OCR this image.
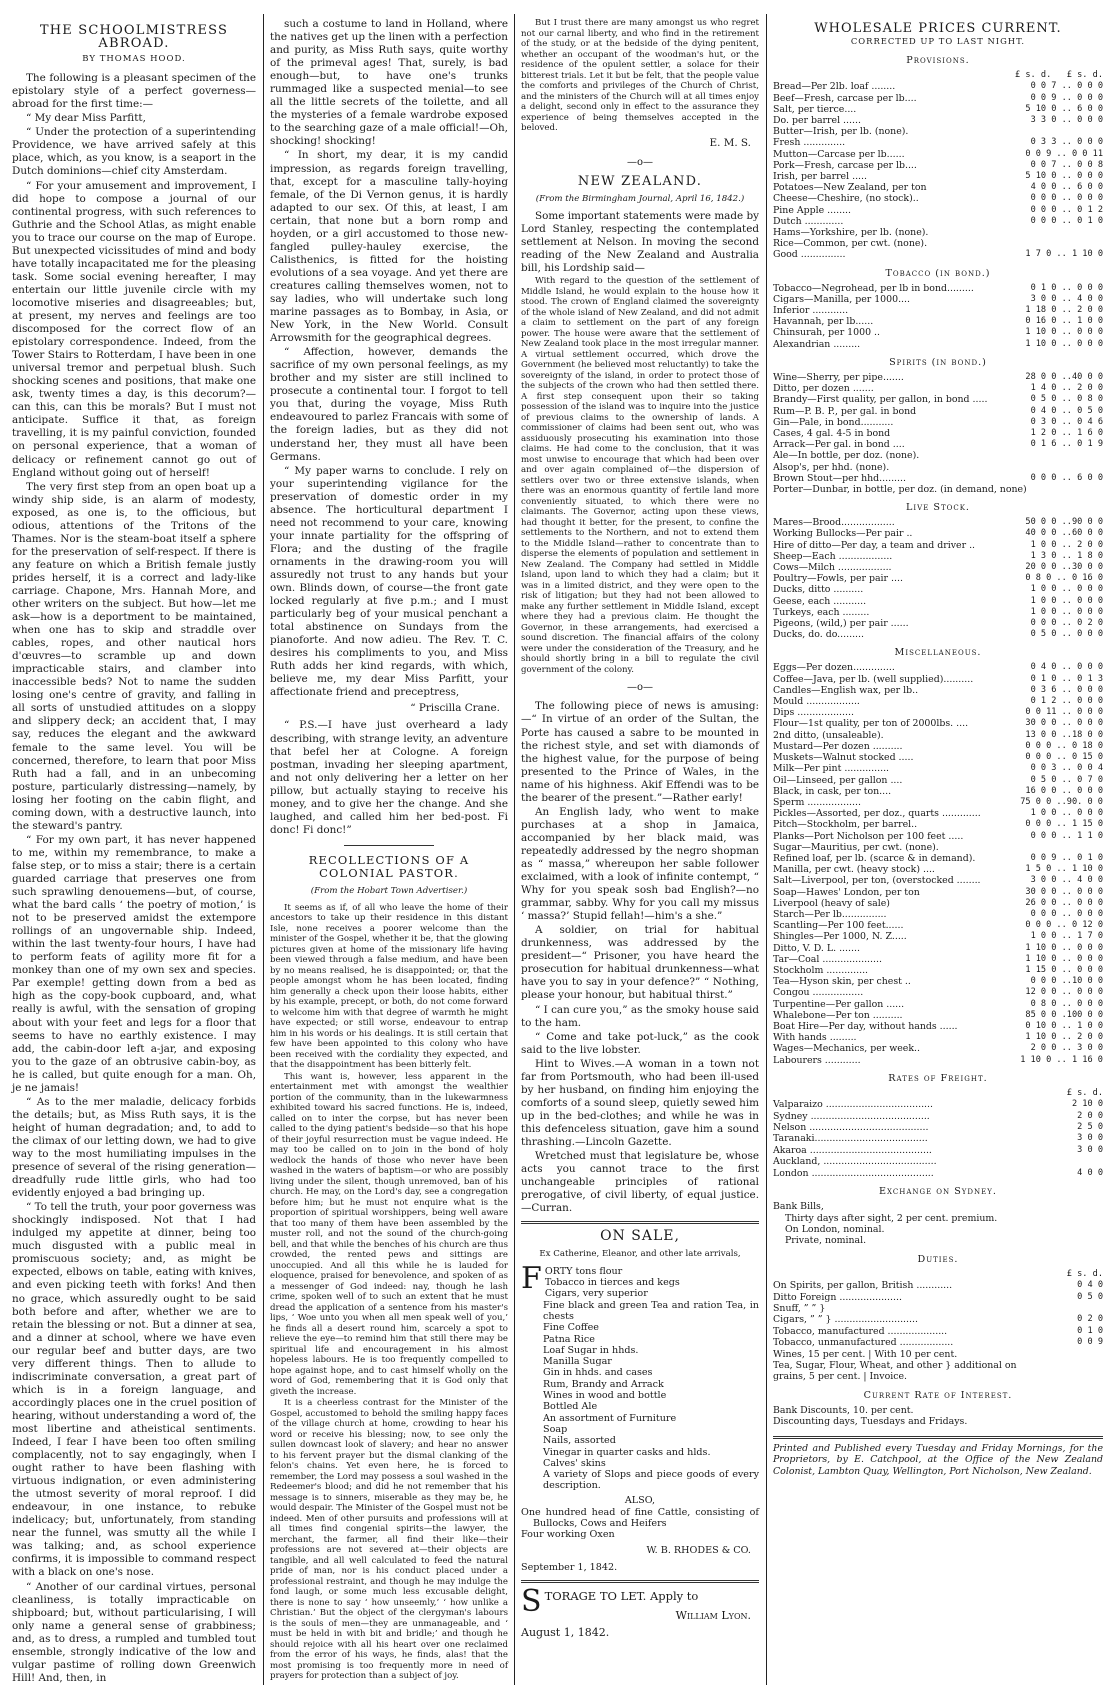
THE SCHOOLMISTRESS ABROAD.
BY THOMAS HOOD.

The following is a pleasant specimen of the epistolary style of a perfect governess—abroad for the first time:—

“ My dear Miss Parfitt,

“ Under the protection of a superintending Providence, we have arrived safely at this place, which, as you know, is a seaport in the Dutch dominions—chief city Amsterdam.

“ For your amusement and improvement, I did hope to compose a journal of our continental progress, with such references to Guthrie and the School Atlas, as might enable you to trace our course on the map of Europe. But unexpected vicissitudes of mind and body have totally incapacitated me for the pleasing task. Some social evening hereafter, I may entertain our little juvenile circle with my locomotive miseries and disagreeables; but, at present, my nerves and feelings are too discomposed for the correct flow of an epistolary correspondence. Indeed, from the Tower Stairs to Rotterdam, I have been in one universal tremor and perpetual blush. Such shocking scenes and positions, that make one ask, twenty times a day, is this decorum?—can this, can this be morals? But I must not anticipate. Suffice it that, as foreign travelling, it is my painful conviction, founded on personal experience, that a woman of delicacy or refinement cannot go out of England without going out of herself!

The very first step from an open boat up a windy ship side, is an alarm of modesty, exposed, as one is, to the officious, but odious, attentions of the Tritons of the Thames. Nor is the steam-boat itself a sphere for the preservation of self-respect. If there is any feature on which a British female justly prides herself, it is a correct and lady-like carriage. Chapone, Mrs. Hannah More, and other writers on the subject. But how—let me ask—how is a deportment to be maintained, when one has to skip and straddle over cables, ropes, and other nautical hors d'œuvres—to scramble up and down impracticable stairs, and clamber into inaccessible beds? Not to name the sudden losing one's centre of gravity, and falling in all sorts of unstudied attitudes on a sloppy and slippery deck; an accident that, I may say, reduces the elegant and the awkward female to the same level. You will be concerned, therefore, to learn that poor Miss Ruth had a fall, and in an unbecoming posture, particularly distressing—namely, by losing her footing on the cabin flight, and coming down, with a destructive launch, into the steward's pantry.

“ For my own part, it has never happened to me, within my remembrance, to make a false step, or to miss a stair; there is a certain guarded carriage that preserves one from such sprawling denouemens—but, of course, what the bard calls ‘ the poetry of motion,’ is not to be preserved amidst the extempore rollings of an ungovernable ship. Indeed, within the last twenty-four hours, I have had to perform feats of agility more fit for a monkey than one of my own sex and species. Par exemple! getting down from a bed as high as the copy-book cupboard, and, what really is awful, with the sensation of groping about with your feet and legs for a floor that seems to have no earthly existence. I may add, the cabin-door left a-jar, and exposing you to the gaze of an obtrusive cabin-boy, as he is called, but quite enough for a man. Oh, je ne jamais!

“ As to the mer maladie, delicacy forbids the details; but, as Miss Ruth says, it is the height of human degradation; and, to add to the climax of our letting down, we had to give way to the most humiliating impulses in the presence of several of the rising generation—dreadfully rude little girls, who had too evidently enjoyed a bad bringing up.

“ To tell the truth, your poor governess was shockingly indisposed. Not that I had indulged my appetite at dinner, being too much disgusted with a public meal in promiscuous society; and, as might be expected, elbows on table, eating with knives, and even picking teeth with forks! And then no grace, which assuredly ought to be said both before and after, whether we are to retain the blessing or not. But a dinner at sea, and a dinner at school, where we have even our regular beef and butter days, are two very different things. Then to allude to indiscriminate conversation, a great part of which is in a foreign language, and accordingly places one in the cruel position of hearing, without understanding a word of, the most libertine and atheistical sentiments. Indeed, I fear I have been too often smiling complacently, not to say engagingly, when I ought rather to have been flashing with virtuous indignation, or even administering the utmost severity of moral reproof. I did endeavour, in one instance, to rebuke indelicacy; but, unfortunately, from standing near the funnel, was smutty all the while I was talking; and, as school experience confirms, it is impossible to command respect with a black on one's nose.

“ Another of our cardinal virtues, personal cleanliness, is totally impracticable on shipboard; but, without particularising, I will only name a general sense of grabbiness; and, as to dress, a rumpled and tumbled tout ensemble, strongly indicative of the low and vulgar pastime of rolling down Greenwich Hill! And, then, in

such a costume to land in Holland, where the natives get up the linen with a perfection and purity, as Miss Ruth says, quite worthy of the primeval ages! That, surely, is bad enough—but, to have one's trunks rummaged like a suspected menial—to see all the little secrets of the toilette, and all the mysteries of a female wardrobe exposed to the searching gaze of a male official!—Oh, shocking! shocking!

“ In short, my dear, it is my candid impression, as regards foreign travelling, that, except for a masculine tally-hoying female, of the Di Vernon genus, it is hardly adapted to our sex. Of this, at least, I am certain, that none but a born romp and hoyden, or a girl accustomed to those new-fangled pulley-hauley exercise, the Calisthenics, is fitted for the hoisting evolutions of a sea voyage. And yet there are creatures calling themselves women, not to say ladies, who will undertake such long marine passages as to Bombay, in Asia, or New York, in the New World. Consult Arrowsmith for the geographical degrees.

“ Affection, however, demands the sacrifice of my own personal feelings, as my brother and my sister are still inclined to prosecute a continental tour. I forgot to tell you that, during the voyage, Miss Ruth endeavoured to parlez Francais with some of the foreign ladies, but as they did not understand her, they must all have been Germans.

“ My paper warns to conclude. I rely on your superintending vigilance for the preservation of domestic order in my absence. The horticultural department I need not recommend to your care, knowing your innate partiality for the offspring of Flora; and the dusting of the fragile ornaments in the drawing-room you will assuredly not trust to any hands but your own. Blinds down, of course—the front gate locked regularly at five p.m.; and I must particularly beg of your musical penchant a total abstinence on Sundays from the pianoforte. And now adieu. The Rev. T. C. desires his compliments to you, and Miss Ruth adds her kind regards, with which, believe me, my dear Miss Parfitt, your affectionate friend and preceptress,

“ Priscilla Crane.

“ P.S.—I have just overheard a lady describing, with strange levity, an adventure that befel her at Cologne. A foreign postman, invading her sleeping apartment, and not only delivering her a letter on her pillow, but actually staying to receive his money, and to give her the change. And she laughed, and called him her bed-post. Fi donc! Fi donc!”

RECOLLECTIONS OF A COLONIAL PASTOR.
(From the Hobart Town Advertiser.)

It seems as if, of all who leave the home of their ancestors to take up their residence in this distant Isle, none receives a poorer welcome than the minister of the Gospel, whether it be, that the glowing pictures given at home of the missionary life having been viewed through a false medium, and have been by no means realised, he is disappointed; or, that the people amongst whom he has been located, finding him generally a check upon their loose habits, either by his example, precept, or both, do not come forward to welcome him with that degree of warmth he might have expected; or still worse, endeavour to entrap him in his words or his dealings. It is still certain that few have been appointed to this colony who have been received with the cordiality they expected, and that the disappointment has been bitterly felt.

This want is, however, less apparent in the entertainment met with amongst the wealthier portion of the community, than in the lukewarmness exhibited toward his sacred functions. He is, indeed, called on to inter the corpse, but has never been called to the dying patient's bedside—so that his hope of their joyful resurrection must be vague indeed. He may too be called on to join in the bond of holy wedlock the hands of those who never have been washed in the waters of baptism—or who are possibly living under the silent, though unremoved, ban of his church. He may, on the Lord's day, see a congregation before him; but he must not enquire what is the proportion of spiritual worshippers, being well aware that too many of them have been assembled by the muster roll, and not the sound of the church-going bell, and that while the benches of his church are thus crowded, the rented pews and sittings are unoccupied. And all this while he is lauded for eloquence, praised for benevolence, and spoken of as a messenger of God indeed: nay, though he lash crime, spoken well of to such an extent that he must dread the application of a sentence from his master's lips, ‘ Woe unto you when all men speak well of you,’ he finds all a desert round him, scarcely a spot to relieve the eye—to remind him that still there may be spiritual life and encouragement in his almost hopeless labours. He is too frequently compelled to hope against hope, and to cast himself wholly on the word of God, remembering that it is God only that giveth the increase.

It is a cheerless contrast for the Minister of the Gospel, accustomed to behold the smiling happy faces of the village church at home, crowding to hear his word or receive his blessing; now, to see only the sullen downcast look of slavery; and hear no answer to his fervent prayer but the dismal clanking of the felon's chains. Yet even here, he is forced to remember, the Lord may possess a soul washed in the Redeemer's blood; and did he not remember that his message is to sinners, miserable as they may be, he would despair. The Minister of the Gospel must not be indeed. Men of other pursuits and professions will at all times find congenial spirits—the lawyer, the merchant, the farmer, all find their like—their professions are not severed at—their objects are tangible, and all well calculated to feed the natural pride of man, nor is his conduct placed under a professional restraint, and though he may indulge the fond laugh, or some much less excusable delight, there is none to say ‘ how unseemly,’ ‘ how unlike a Christian.’ But the object of the clergyman's labours is the souls of men—they are unmanageable, and ‘ must be held in with bit and bridle;’ and though he should rejoice with all his heart over one reclaimed from the error of his ways, he finds, alas! that the most promising is too frequently more in need of prayers for protection than a subject of joy.

But I trust there are many amongst us who regret not our carnal liberty, and who find in the retirement of the study, or at the bedside of the dying penitent, whether an occupant of the woodman's hut, or the residence of the opulent settler, a solace for their bitterest trials. Let it but be felt, that the people value the comforts and privileges of the Church of Christ, and the ministers of the Church will at all times enjoy a delight, second only in effect to the assurance they experience of being themselves accepted in the beloved.

E. M. S.
—o—
NEW ZEALAND.
(From the Birmingham Journal, April 16, 1842.)

Some important statements were made by Lord Stanley, respecting the contemplated settlement at Nelson. In moving the second reading of the New Zealand and Australia bill, his Lordship said—

With regard to the question of the settlement of Middle Island, he would explain to the house how it stood. The crown of England claimed the sovereignty of the whole island of New Zealand, and did not admit a claim to settlement on the part of any foreign power. The house were aware that the settlement of New Zealand took place in the most irregular manner. A virtual settlement occurred, which drove the Government (he believed most reluctantly) to take the sovereignty of the island, in order to protect those of the subjects of the crown who had then settled there. A first step consequent upon their so taking possession of the island was to inquire into the justice of previous claims to the ownership of lands. A commissioner of claims had been sent out, who was assiduously prosecuting his examination into those claims. He had come to the conclusion, that it was most unwise to encourage that which had been over and over again complained of—the dispersion of settlers over two or three extensive islands, when there was an enormous quantity of fertile land more conveniently situated, to which there were no claimants. The Governor, acting upon these views, had thought it better, for the present, to confine the settlements to the Northern, and not to extend them to the Middle Island—rather to concentrate than to disperse the elements of population and settlement in New Zealand. The Company had settled in Middle Island, upon land to which they had a claim; but it was in a limited district, and they were open to the risk of litigation; but they had not been allowed to make any further settlement in Middle Island, except where they had a previous claim. He thought the Governor, in these arrangements, had exercised a sound discretion. The financial affairs of the colony were under the consideration of the Treasury, and he should shortly bring in a bill to regulate the civil government of the colony.

—o—

The following piece of news is amusing:—“ In virtue of an order of the Sultan, the Porte has caused a sabre to be mounted in the richest style, and set with diamonds of the highest value, for the purpose of being presented to the Prince of Wales, in the name of his highness. Akif Effendi was to be the bearer of the present.”—Rather early!

An English lady, who went to make purchases at a shop in Jamaica, accompanied by her black maid, was repeatedly addressed by the negro shopman as “ massa,” whereupon her sable follower exclaimed, with a look of infinite contempt, “ Why for you speak sosh bad English?—no grammar, sabby. Why for you call my missus ‘ massa?’ Stupid fellah!—him's a she.”

A soldier, on trial for habitual drunkenness, was addressed by the president—“ Prisoner, you have heard the prosecution for habitual drunkenness—what have you to say in your defence?” “ Nothing, please your honour, but habitual thirst.”

“ I can cure you,” as the smoky house said to the ham.

“ Come and take pot-luck,” as the cook said to the live lobster.

Hint to Wives.—A woman in a town not far from Portsmouth, who had been ill-used by her husband, on finding him enjoying the comforts of a sound sleep, quietly sewed him up in the bed-clothes; and while he was in this defenceless situation, gave him a sound thrashing.—Lincoln Gazette.

Wretched must that legislature be, whose acts you cannot trace to the first unchangeable principles of rational prerogative, of civil liberty, of equal justice.—Curran.

ON SALE,
Ex Catherine, Eleanor, and other late arrivals,
FORTY tons flour
Tobacco in tierces and kegs
Cigars, very superior
Fine black and green Tea and ration Tea, in chests
Fine Coffee
Patna Rice
Loaf Sugar in hhds.
Manilla Sugar
Gin in hhds. and cases
Rum, Brandy and Arrack
Wines in wood and bottle
Bottled Ale
An assortment of Furniture
Soap
Nails, assorted
Vinegar in quarter casks and hlds.
Calves' skins
A variety of Slops and piece goods of every description.
ALSO,
One hundred head of fine Cattle, consisting of Bullocks, Cows and Heifers
Four working Oxen
W. B. RHODES & CO.
September 1, 1842.
STORAGE TO LET. Apply to
William Lyon.
August 1, 1842.
WHOLESALE PRICES CURRENT.
CORRECTED UP TO LAST NIGHT.
Provisions.
£ s. d.   £ s. d.
Bread—Per 2lb. loaf ........	0 0 7 .. 0 0 0
Beef—Fresh, carcase per lb....	0 0 9 .. 0 0 0
Salt, per tierce....	5 10 0 .. 6 0 0
Do. per barrel ......	3 3 0 .. 0 0 0
Butter—Irish, per lb. (none).
Fresh ..............	0 3 3 .. 0 0 0
Mutton—Carcase per lb......	0 0 9 .. 0 0 11
Pork—Fresh, carcase per lb....	0 0 7 .. 0 0 8
Irish, per barrel .....	5 10 0 .. 0 0 0
Potatoes—New Zealand, per ton	4 0 0 .. 6 0 0
Cheese—Cheshire, (no stock)..	0 0 0 .. 0 0 0
Pine Apple ........	0 0 0 .. 0 1 2
Dutch .............	0 0 0 .. 0 1 0
Hams—Yorkshire, per lb. (none).
Rice—Common, per cwt. (none).
Good ...............	1 7 0 .. 1 10 0
Tobacco (in bond.)
Tobacco—Negrohead, per lb in bond.........	0 1 0 .. 0 0 0
Cigars—Manilla, per 1000....	3 0 0 .. 4 0 0
Inferior ............	1 18 0 .. 2 0 0
Havannah, per lb......	0 16 0 .. 1 0 0
Chinsurah, per 1000 ..	1 10 0 .. 0 0 0
Alexandrian .........	1 10 0 .. 0 0 0
Spirits (in bond.)
Wine—Sherry, per pipe.......	28 0 0 ..40 0 0
Ditto, per dozen .......	1 4 0 .. 2 0 0
Brandy—First quality, per gallon, in bond .....	0 5 0 .. 0 8 0
Rum—P. B. P., per gal. in bond	0 4 0 .. 0 5 0
Gin—Pale, in bond...........	0 3 0 .. 0 4 6
Cases, 4 gal. 4-5 in bond	1 2 0 .. 1 6 0
Arrack—Per gal. in bond ....	0 1 6 .. 0 1 9
Ale—In bottle, per doz. (none).
Alsop's, per hhd. (none).
Brown Stout—per hhd.........	0 0 0 .. 6 0 0
Porter—Dunbar, in bottle, per doz. (in demand, none)
Live Stock.
Mares—Brood..................	50 0 0 ..90 0 0
Working Bullocks—Per pair ..	40 0 0 ..60 0 0
Hire of ditto—Per day, a team and driver ..	1 0 0 .. 2 0 0
Sheep—Each ..................	1 3 0 .. 1 8 0
Cows—Milch ..................	20 0 0 ..30 0 0
Poultry—Fowls, per pair ....	0 8 0 .. 0 16 0
Ducks, ditto ..........	1 0 0 .. 0 0 0
Geese, each ...........	1 0 0 .. 0 0 0
Turkeys, each .........	1 0 0 .. 0 0 0
Pigeons, (wild,) per pair ......	0 0 0 .. 0 2 0
Ducks, do. do.........	0 5 0 .. 0 0 0
Miscellaneous.
Eggs—Per dozen..............	0 4 0 .. 0 0 0
Coffee—Java, per lb. (well supplied)..........	0 1 0 .. 0 1 3
Candles—English wax, per lb..	0 3 6 .. 0 0 0
Mould ..................	0 1 2 .. 0 0 0
Dips ...................	0 0 11 .. 0 0 0
Flour—1st quality, per ton of 2000lbs. ....	30 0 0 .. 0 0 0
2nd ditto, (unsaleable).	13 0 0 ..18 0 0
Mustard—Per dozen ..........	0 0 0 .. 0 18 0
Muskets—Walnut stocked .....	0 0 0 .. 0 15 0
Milk—Per pint ...............	0 0 3 .. 0 0 4
Oil—Linseed, per gallon ....	0 5 0 .. 0 7 0
Black, in cask, per ton....	16 0 0 .. 0 0 0
Sperm ..................	75 0 0 ..90. 0 0
Pickles—Assorted, per doz., quarts .............	1 0 0 .. 0 0 0
Pitch—Stockholm, per barrel..	0 0 0 .. 1 15 0
Planks—Port Nicholson per 100 feet .....	0 0 0 .. 1 1 0
Sugar—Mauritius, per cwt. (none).
Refined loaf, per lb. (scarce & in demand).	0 0 9 .. 0 1 0
Manilla, per cwt. (heavy stock) ....	1 5 0 .. 1 10 0
Salt—Liverpool, per ton, (overstocked ........	3 0 0 .. 4 0 0
Soap—Hawes' London, per ton	30 0 0 .. 0 0 0
Liverpool (heavy of sale)	26 0 0 .. 0 0 0
Starch—Per lb...............	0 0 0 .. 0 0 0
Scantling—Per 100 feet......	0 0 0 .. 0 12 0
Shingles—Per 1000, N. Z.....	1 0 0 .. 1 7 0
Ditto, V. D. L. .......	1 10 0 .. 0 0 0
Tar—Coal ....................	1 10 0 .. 0 0 0
Stockholm ..............	1 15 0 .. 0 0 0
Tea—Hyson skin, per chest ..	0 0 0 ..10 0 0
Congou .................	12 0 0 .. 0 0 0
Turpentine—Per gallon ......	0 8 0 .. 0 0 0
Whalebone—Per ton ..........	85 0 0 .100 0 0
Boat Hire—Per day, without hands ......	0 10 0 .. 1 0 0
With hands .........	1 10 0 .. 2 0 0
Wages—Mechanics, per week..	2 0 0 .. 3 0 0
Labourers ............	1 10 0 .. 1 16 0
Rates of Freight.
£ s. d.
Valparaizo ....................................	2 10 0
Sydney ........................................	2 0 0
Nelson ........................................	2 5 0
Taranaki......................................	3 0 0
Akaroa .........................................	3 0 0
Auckland, ......................................
London .........................................	4 0 0
Exchange on Sydney.
Bank Bills,
Thirty days after sight, 2 per cent. premium.
On London, nominal.
Private, nominal.
Duties.
£ s. d.
On Spirits, per gallon, British ............	0 4 0
Ditto Foreign .....................	0 5 0
Snuff, ” ” }
Cigars, ” ” } ............................	0 2 0
Tobacco, manufactured ....................	0 1 0
Tobacco, unmanufactured ..................	0 0 9
Wines, 15 per cent. | With 10 per cent.
Tea, Sugar, Flour, Wheat, and other } additional on
grains, 5 per cent. | Invoice.
Current Rate of Interest.
Bank Discounts, 10. per cent.
Discounting days, Tuesdays and Fridays.
Printed and Published every Tuesday and Friday Mornings, for the Proprietors, by E. Catchpool, at the Office of the New Zealand Colonist, Lambton Quay, Wellington, Port Nicholson, New Zealand.
